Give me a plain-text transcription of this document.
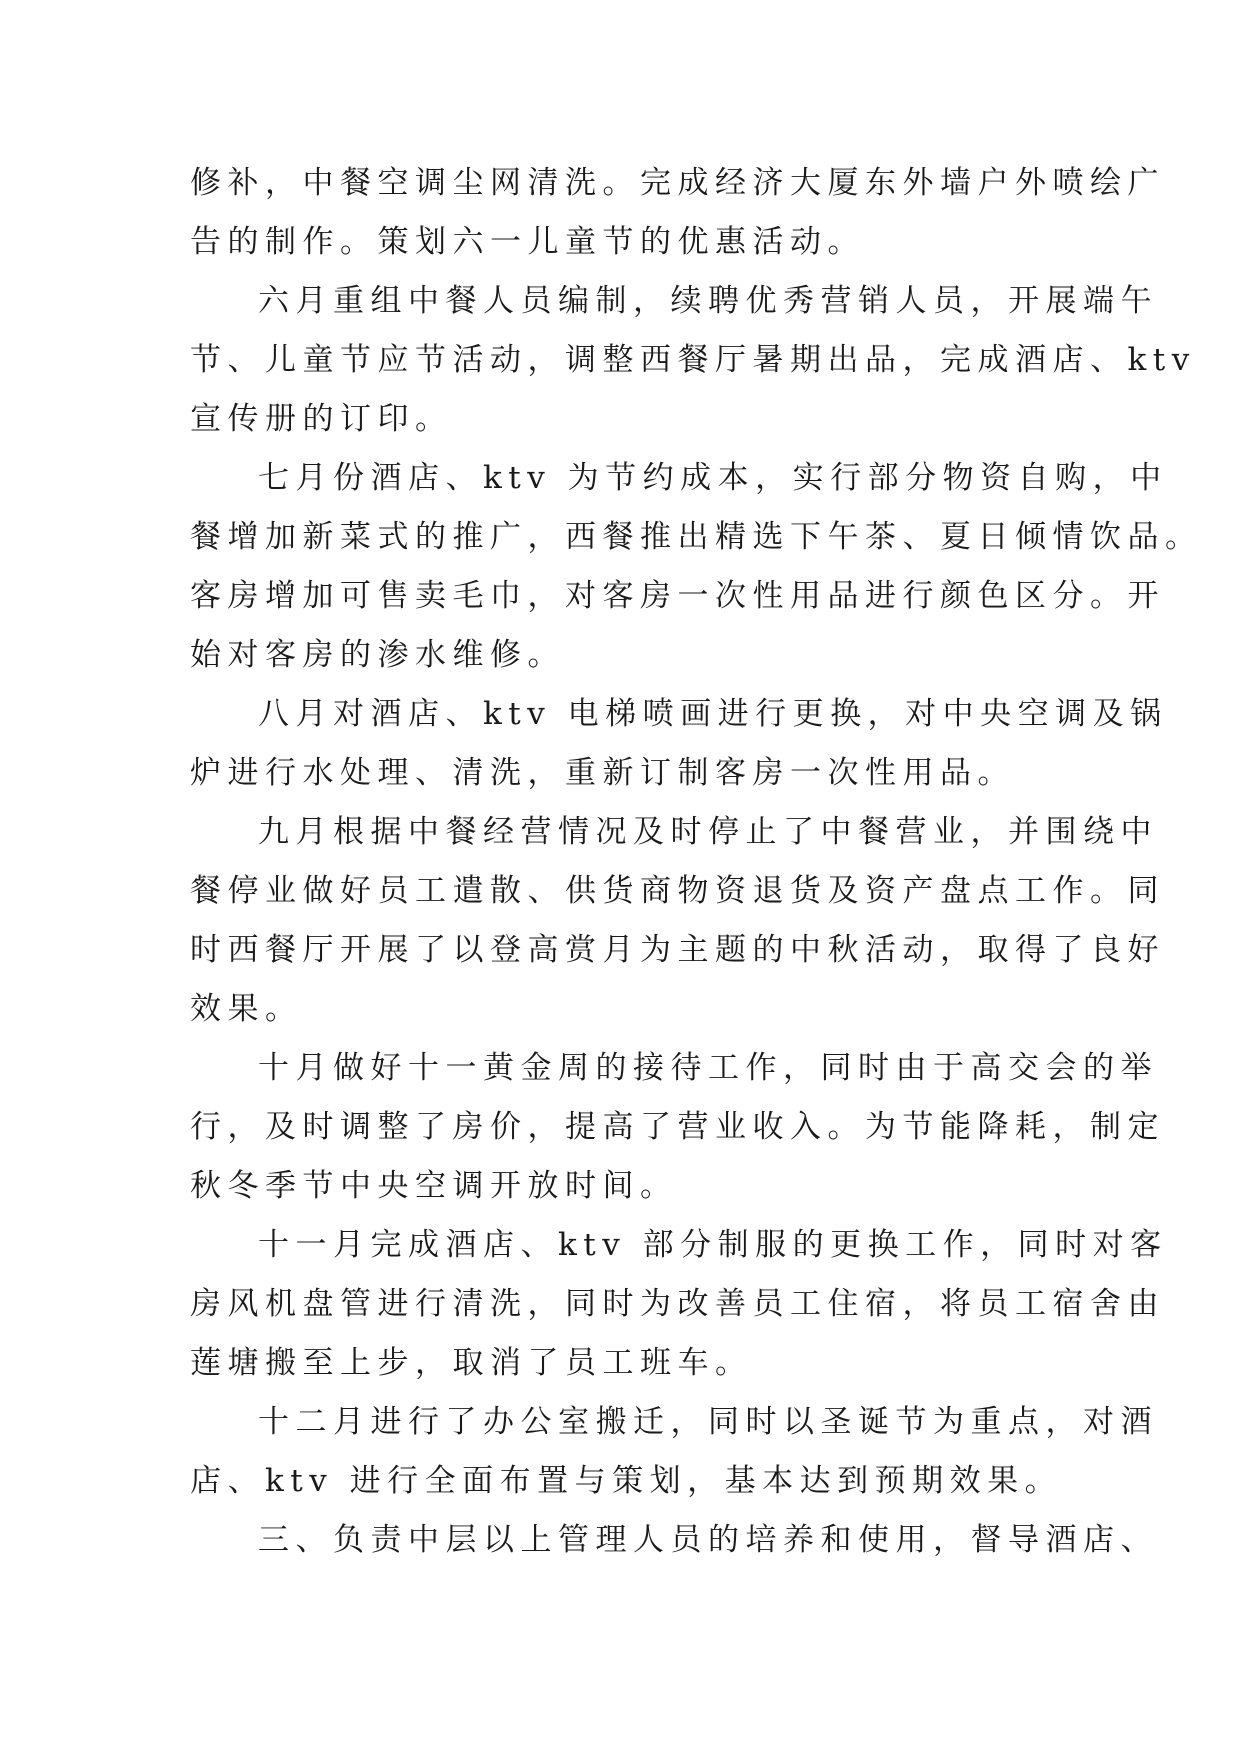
修补，中餐空调尘网清洗。完成经济大厦东外墙户外喷绘广
告的制作。策划六一儿童节的优惠活动。

六月重组中餐人员编制，续聘优秀营销人员，开展端午
节、儿童节应节活动，调整西餐厅暑期出品，完成酒店、ktv
宣传册的订印。

七月份酒店、ktv 为节约成本，实行部分物资自购，中
餐增加新菜式的推广，西餐推出精选下午茶、夏日倾情饮品。
客房增加可售卖毛巾，对客房一次性用品进行颜色区分。开
始对客房的渗水维修。

八月对酒店、ktv 电梯喷画进行更换，对中央空调及锅
炉进行水处理、清洗，重新订制客房一次性用品。

九月根据中餐经营情况及时停止了中餐营业，并围绕中
餐停业做好员工遣散、供货商物资退货及资产盘点工作。同
时西餐厅开展了以登高赏月为主题的中秋活动，取得了良好
效果。

十月做好十一黄金周的接待工作，同时由于高交会的举
行，及时调整了房价，提高了营业收入。为节能降耗，制定
秋冬季节中央空调开放时间。

十一月完成酒店、ktv 部分制服的更换工作，同时对客
房风机盘管进行清洗，同时为改善员工住宿，将员工宿舍由
莲塘搬至上步，取消了员工班车。

十二月进行了办公室搬迁，同时以圣诞节为重点，对酒
店、ktv 进行全面布置与策划，基本达到预期效果。

三、负责中层以上管理人员的培养和使用，督导酒店、
